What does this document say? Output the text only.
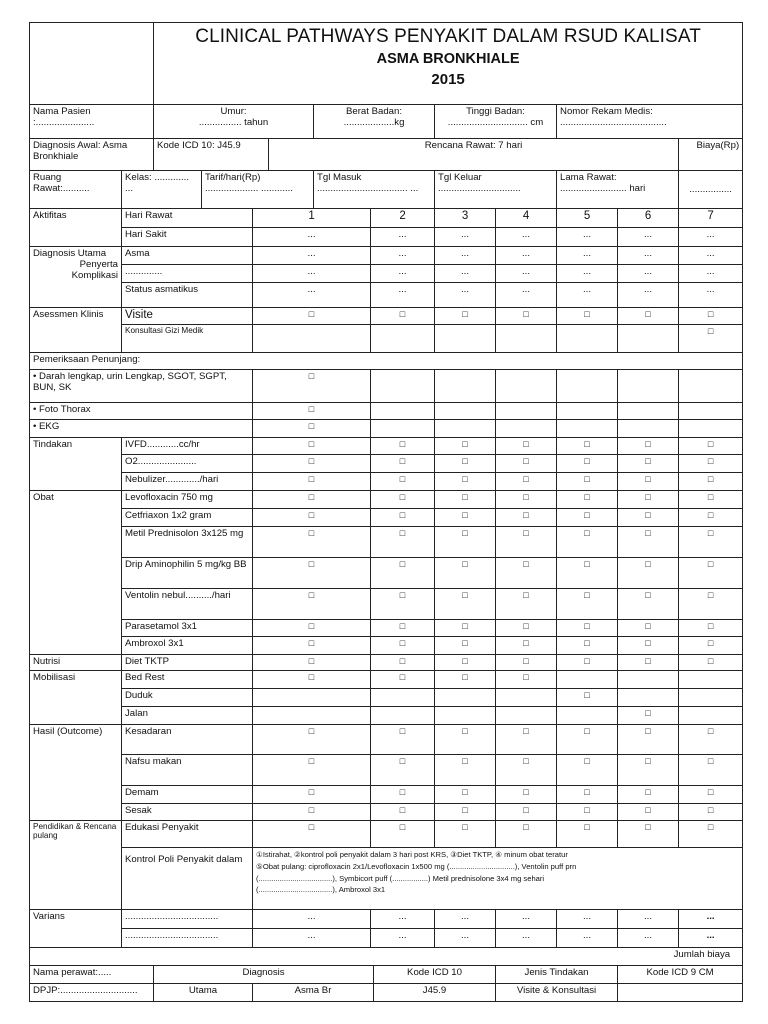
		CLINICAL PATHWAYS PENYAKIT DALAM RSUD KALISAT
ASMA BRONKHIALE
2015												

Nama Pasien
:......................		Umur:
................ tahun				Berat Badan:
...................kg			Tinggi Badan:
.............................. cm		Nomor Rekam Medis:
........................................			

Diagnosis Awal: Asma Bronkhiale		Kode ICD 10: J45.9			Rencana Rawat: 7 hari								Biaya(Rp)	
Ruang Rawat:..........	Kelas: ............. ...		Tarif/hari(Rp) .................... ............			Tgl Masuk .................................. ...			Tgl Keluar ...............................		Lama Rawat: ......................... hari		................	
Aktifitas	Hari Rawat			1			2		3	4	5	6	7	
	Hari Sakit			...			...		...	...	...	...	...	

Diagnosis Utama
Penyerta
Komplikasi	Asma			...			...		...	...	...	...	...	
	..............			...			...		...	...	...	...	...	
	Status asmatikus			...			...		...	...	...	...	...	
Asessmen Klinis	Visite			□			□		□	□	□	□	□	
	Konsultasi Gizi Medik												□	
Pemeriksaan Penunjang:														
• Darah lengkap, urin Lengkap, SGOT, SGPT, BUN, SK				□										
• Foto Thorax				□										
• EKG				□							
Tindakan	IVFD............cc/hr			□			□		□	□	□	□	□	
	O2......................			□			□		□	□	□	□	□	
	Nebulizer............./hari			□			□		□	□	□	□	□	
Obat	Levofloxacin 750 mg			□			□		□	□	□	□	□	
	Cetfriaxon 1x2 gram			□			□		□	□	□	□	□	
	Metil Prednisolon 3x125 mg			□			□		□	□	□	□	□	
	Drip Aminophilin 5 mg/kg BB			□			□		□	□	□	□	□	
	Ventolin nebul........../hari			□			□		□	□	□	□	□	
	Parasetamol 3x1			□			□		□	□	□	□	□	
	Ambroxol 3x1			□			□		□	□	□	□	□	
Nutrisi	Diet TKTP			□			□		□	□	□	□	□	
Mobilisasi	Bed Rest			□			□		□	□				
	Duduk										□			
	Jalan											□		
Hasil (Outcome)	Kesadaran			□			□		□	□	□	□	□	
	Nafsu makan			□			□		□	□	□	□	□	
	Demam			□			□		□	□	□	□	□	
	Sesak			□			□		□	□	□	□	□	
Pendidikan & Rencana pulang	Edukasi Penyakit			□			□		□	□	□	□	□	
	Kontrol Poli Penyakit dalam			①Istirahat, ②kontrol poli penyakit dalam 3 hari post KRS, ③Diet TKTP, ④ minum obat teratur
⑤Obat pulang: ciprofloxacin 2x1/Levofloxacin 1x500 mg (...............................), Ventolin puff prn
(...................................), Symbicort puff (.................) Metil prednisolone 3x4 mg sehari
(...................................), Ambroxol 3x1										

Varians	...................................			...			...		...	...	...	...	...	
	...................................			...			...		...	...	...	...	...	
Jumlah biaya														
Nama perawat:.....		Diagnosis						Kode ICD 10		Jenis Tindakan		Kode ICD 9 CM		
DPJP:.............................		Utama		Asma Br				J45.9		Visite & Konsultasi				
